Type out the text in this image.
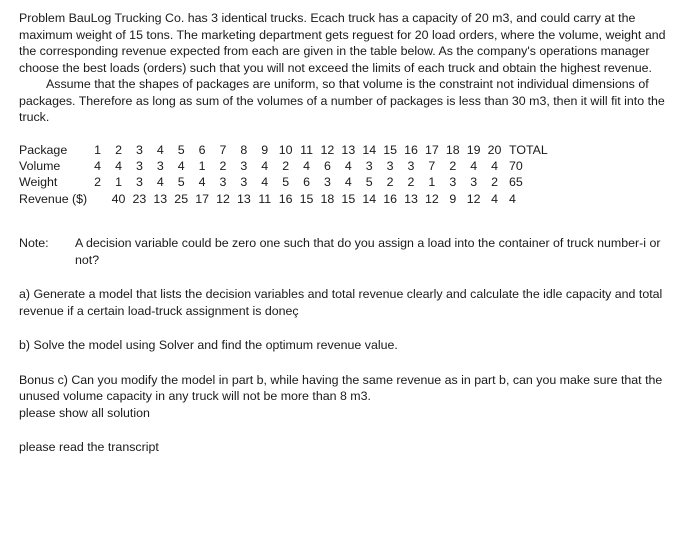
Problem BauLog Trucking Co. has 3 identical trucks. Ecach truck has a capacity of 20 m3, and could carry at the maximum weight of 15 tons. The marketing department gets reguest for 20 load orders, where the volume, weight and the corresponding revenue expected from each are given in the table below. As the company's operations manager choose the best loads (orders) such that you will not exceed the limits of each truck and obtain the highest revenue.

Assume that the shapes of packages are uniform, so that volume is the constraint not individual dimensions of packages. Therefore as long as sum of the volumes of a number of packages is less than 30 m3, then it will fit into the truck.

Package	1	2	3	4	5	6	7	8	9	10	11	12	13	14	15	16	17	18	19	20	TOTAL
Volume	4	4	3	3	4	1	2	3	4	2	4	6	4	3	3	3	7	2	4	4	70
Weight	2	1	3	4	5	4	3	3	4	5	6	3	4	5	2	2	1	3	3	2	65
Revenue ($)		40	23	13	25	17	12	13	11	16	15	18	15	14	16	13	12	9	12	4	4
Note:	A decision variable could be zero one such that do you assign a load into the container of truck number-i or not?

a) Generate a model that lists the decision variables and total revenue clearly and calculate the idle capacity and total revenue if a certain load-truck assignment is doneç

b) Solve the model using Solver and find the optimum revenue value.

Bonus c) Can you modify the model in part b, while having the same revenue as in part b, can you make sure that the unused volume capacity in any truck will not be more than 8 m3.

please show all solution

please read the transcript
